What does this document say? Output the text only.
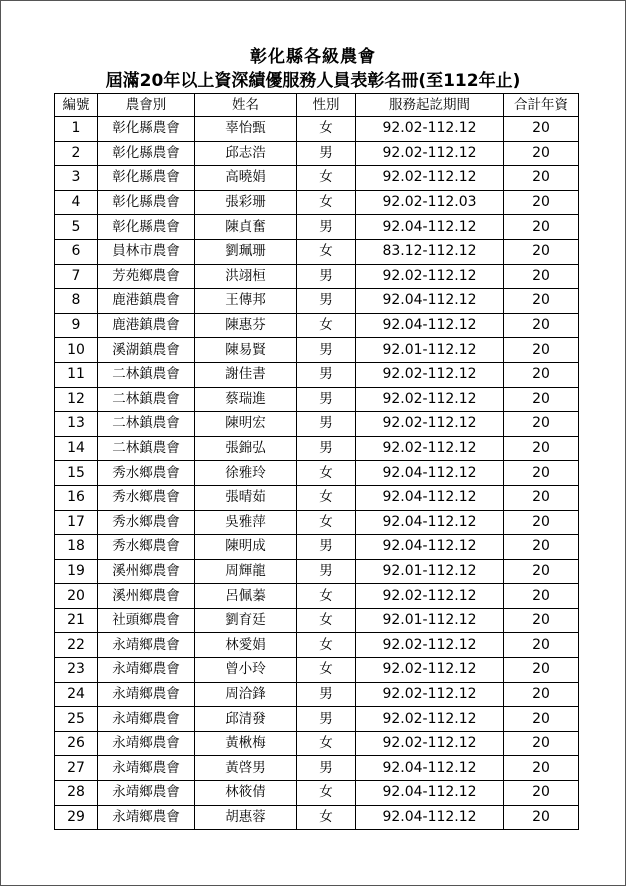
彰化縣各級農會
屆滿20年以上資深績優服務人員表彰名冊(至112年止)
編號	農會別	姓名	性別	服務起訖期間	合計年資
1	彰化縣農會	辜怡甄	女	92.02-112.12	20
2	彰化縣農會	邱志浩	男	92.02-112.12	20
3	彰化縣農會	高曉娟	女	92.02-112.12	20
4	彰化縣農會	張彩珊	女	92.02-112.03	20
5	彰化縣農會	陳貞奮	男	92.04-112.12	20
6	員林市農會	劉珮珊	女	83.12-112.12	20
7	芳苑鄉農會	洪翊桓	男	92.02-112.12	20
8	鹿港鎮農會	王傳邦	男	92.04-112.12	20
9	鹿港鎮農會	陳惠芬	女	92.04-112.12	20
10	溪湖鎮農會	陳易賢	男	92.01-112.12	20
11	二林鎮農會	謝佳書	男	92.02-112.12	20
12	二林鎮農會	蔡瑞進	男	92.02-112.12	20
13	二林鎮農會	陳明宏	男	92.02-112.12	20
14	二林鎮農會	張錦弘	男	92.02-112.12	20
15	秀水鄉農會	徐雅玲	女	92.04-112.12	20
16	秀水鄉農會	張晴茹	女	92.04-112.12	20
17	秀水鄉農會	吳雅萍	女	92.04-112.12	20
18	秀水鄉農會	陳明成	男	92.04-112.12	20
19	溪州鄉農會	周輝龍	男	92.01-112.12	20
20	溪州鄉農會	呂佩蓁	女	92.02-112.12	20
21	社頭鄉農會	劉育廷	女	92.01-112.12	20
22	永靖鄉農會	林愛娟	女	92.02-112.12	20
23	永靖鄉農會	曾小玲	女	92.02-112.12	20
24	永靖鄉農會	周洽鋒	男	92.02-112.12	20
25	永靖鄉農會	邱清發	男	92.02-112.12	20
26	永靖鄉農會	黃楸梅	女	92.02-112.12	20
27	永靖鄉農會	黃啓男	男	92.04-112.12	20
28	永靖鄉農會	林筱倩	女	92.04-112.12	20
29	永靖鄉農會	胡惠蓉	女	92.04-112.12	20
